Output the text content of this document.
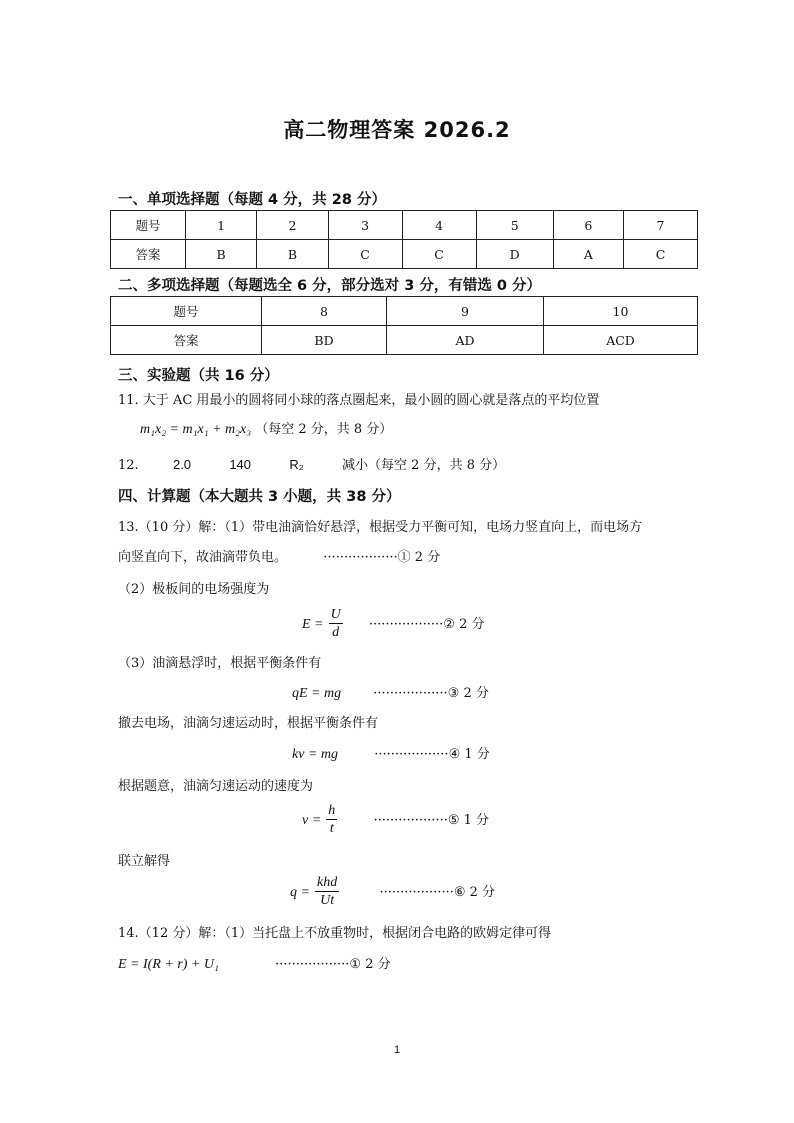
高二物理答案 2026.2
一、单项选择题（每题 4 分，共 28 分）
题号	1	2	3	4	5	6	7
答案	B	B	C	C	D	A	C
二、多项选择题（每题选全 6 分，部分选对 3 分，有错选 0 分）
题号	8	9	10
答案	BD	AD	ACD
三、实验题（共 16 分）
11. 大于 AC 用最小的圆将同小球的落点圈起来，最小圆的圆心就是落点的平均位置
m₁x₂ = m₁x₁ + m₂x₃ （每空 2 分，共 8 分）
12.	2.0	140	R₂	减小（每空 2 分，共 8 分）
四、计算题（本大题共 3 小题，共 38 分）
13.（10 分）解：（1）带电油滴恰好悬浮，根据受力平衡可知，电场力竖直向上，而电场方
向竖直向下，故油滴带负电。	··················① 2 分
（2）极板间的电场强度为
$E = \frac{U}{d}$ ··················② 2 分
（3）油滴悬浮时，根据平衡条件有
qE = mg ··················③ 2 分
撤去电场，油滴匀速运动时，根据平衡条件有
kv = mg	··················④ 1 分
根据题意，油滴匀速运动的速度为
$v = \frac{h}{t}$	··················⑤ 1 分
联立解得
$q = \frac{\text{khd}}{Ut}$	··················⑥ 2 分
14.（12 分）解：（1）当托盘上不放重物时，根据闭合电路的欧姆定律可得
E = I(R + r) + U₁	··················① 2 分
1
